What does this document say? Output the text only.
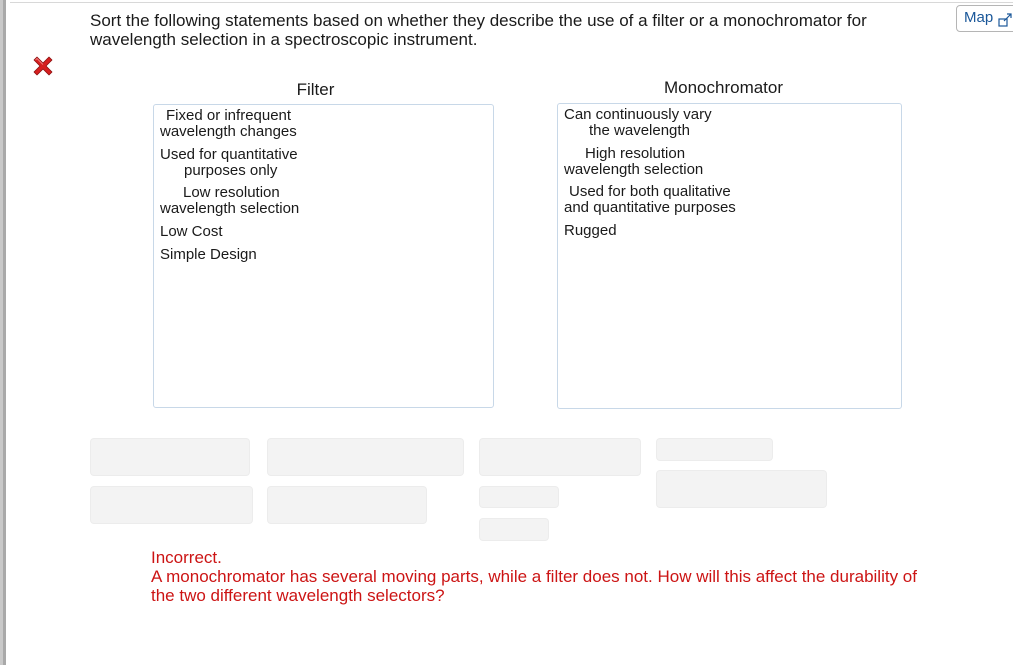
Sort the following statements based on whether they describe the use of a filter or a monochromator for wavelength selection in a spectroscopic instrument.
Map
Filter	Monochromator
Fixed or infrequent
wavelength changes
Used for quantitative
purposes only
Low resolution
wavelength selection
Low Cost
Simple Design
Can continuously vary
the wavelength
High resolution
wavelength selection
Used for both qualitative
and quantitative purposes
Rugged
Incorrect.
A monochromator has several moving parts, while a filter does not. How will this affect the durability of the two different wavelength selectors?
